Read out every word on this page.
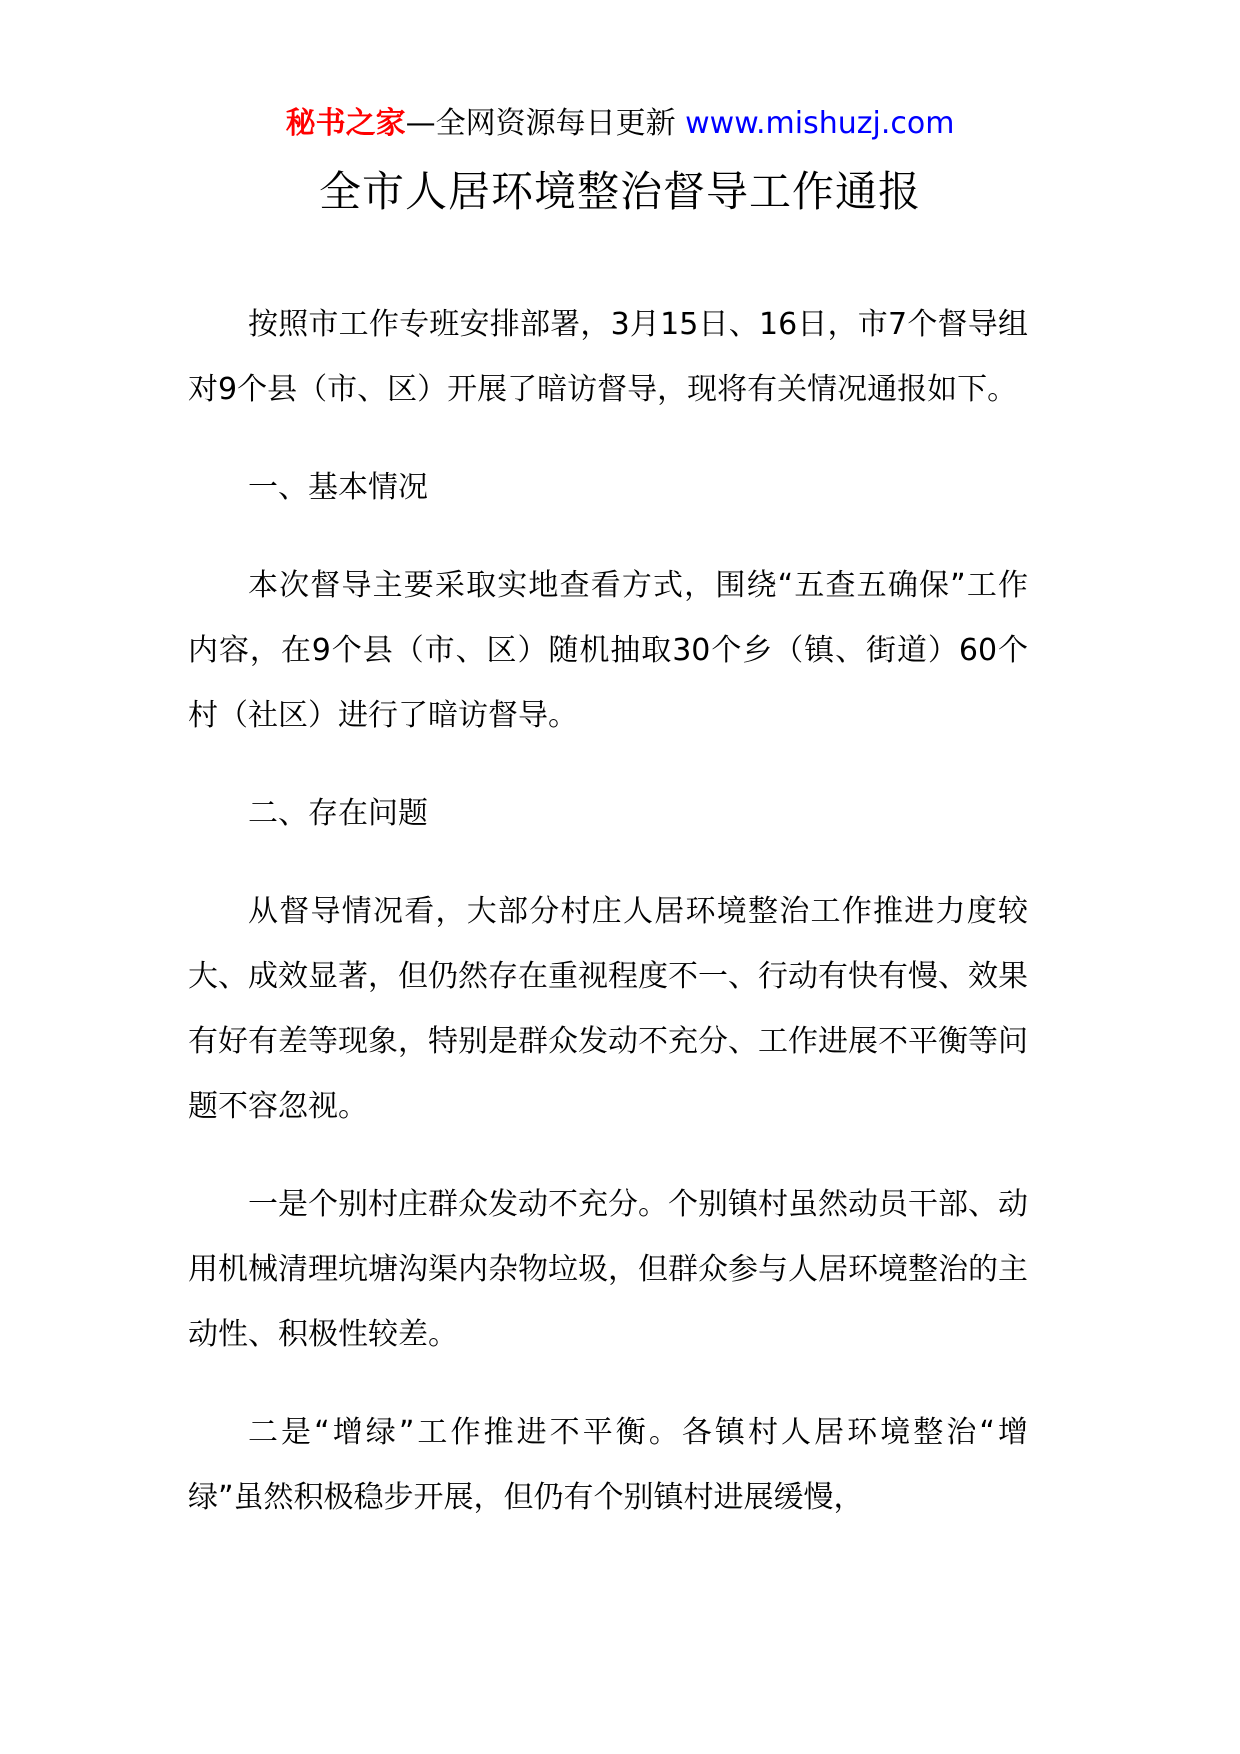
秘书之家—全网资源每日更新 www.mishuzj.com
全市人居环境整治督导工作通报

按照市工作专班安排部署，3月15日、16日，市7个督导组对9个县（市、区）开展了暗访督导，现将有关情况通报如下。

一、基本情况

本次督导主要采取实地查看方式，围绕“五查五确保”工作内容，在9个县（市、区）随机抽取30个乡（镇、街道）60个村（社区）进行了暗访督导。

二、存在问题

从督导情况看，大部分村庄人居环境整治工作推进力度较大、成效显著，但仍然存在重视程度不一、行动有快有慢、效果有好有差等现象，特别是群众发动不充分、工作进展不平衡等问题不容忽视。

一是个别村庄群众发动不充分。个别镇村虽然动员干部、动用机械清理坑塘沟渠内杂物垃圾，但群众参与人居环境整治的主动性、积极性较差。

二是“增绿”工作推进不平衡。各镇村人居环境整治“增绿”虽然积极稳步开展，但仍有个别镇村进展缓慢，
